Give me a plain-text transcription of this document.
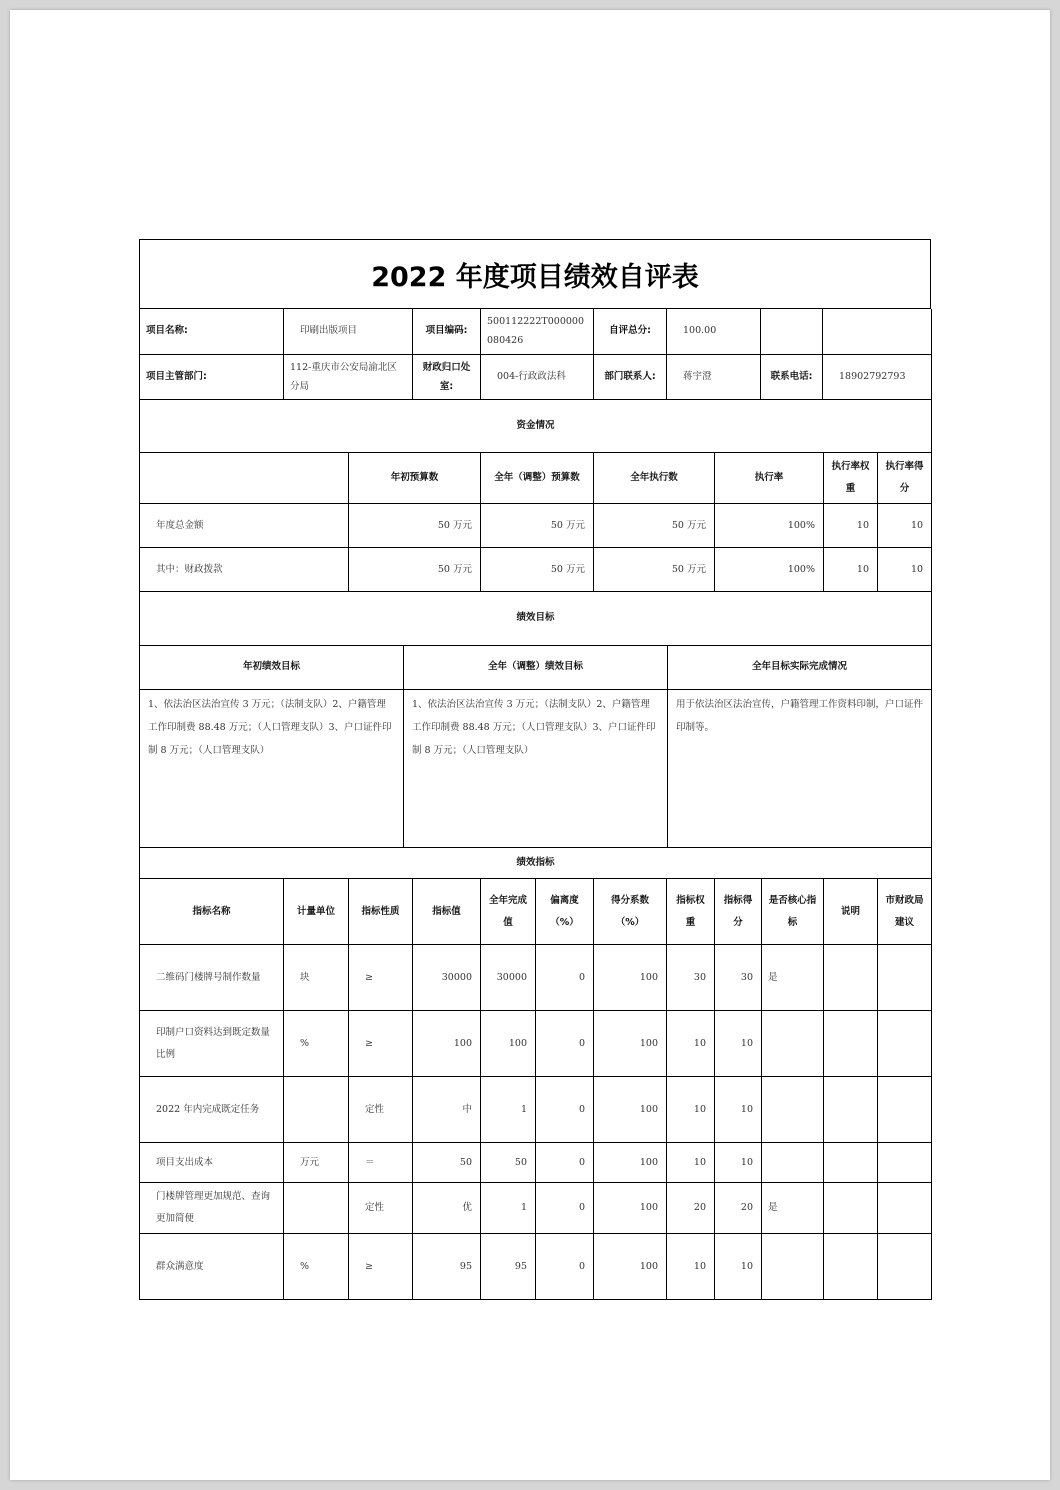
2022 年度项目绩效自评表
项目名称:	印刷出版项目	项目编码:	500112222T000000080426	自评总分:	100.00		
项目主管部门:	112-重庆市公安局渝北区分局	财政归口处室:	004-行政政法科	部门联系人:	蒋宇澄	联系电话:	18902792793
资金情况						
	年初预算数	全年（调整）预算数	全年执行数	执行率	执行率权重	执行率得分
年度总金额	50 万元	50 万元	50 万元	100%	10	10
其中：财政拨款	50 万元	50 万元	50 万元	100%	10	10
绩效目标		
年初绩效目标	全年（调整）绩效目标	全年目标实际完成情况
1、依法治区法治宣传 3 万元；（法制支队）2、户籍管理工作印制费 88.48 万元；（人口管理支队）3、户口证件印制 8 万元；（人口管理支队）	1、依法治区法治宣传 3 万元；（法制支队）2、户籍管理工作印制费 88.48 万元；（人口管理支队）3、户口证件印制 8 万元；（人口管理支队）	用于依法治区法治宣传，户籍管理工作资料印制，户口证件印制等。
绩效指标											
指标名称	计量单位	指标性质	指标值	全年完成值	偏离度（%）	得分系数（%）	指标权重	指标得分	是否核心指标	说明	市财政局建议
二维码门楼牌号制作数量	块	≥	30000	30000	0	100	30	30	是		
印制户口资料达到既定数量比例	%	≥	100	100	0	100	10	10			
2022 年内完成既定任务		定性	中	1	0	100	10	10			
项目支出成本	万元	＝	50	50	0	100	10	10			
门楼牌管理更加规范、查询更加简便		定性	优	1	0	100	20	20	是		
群众满意度	%	≥	95	95	0	100	10	10			
